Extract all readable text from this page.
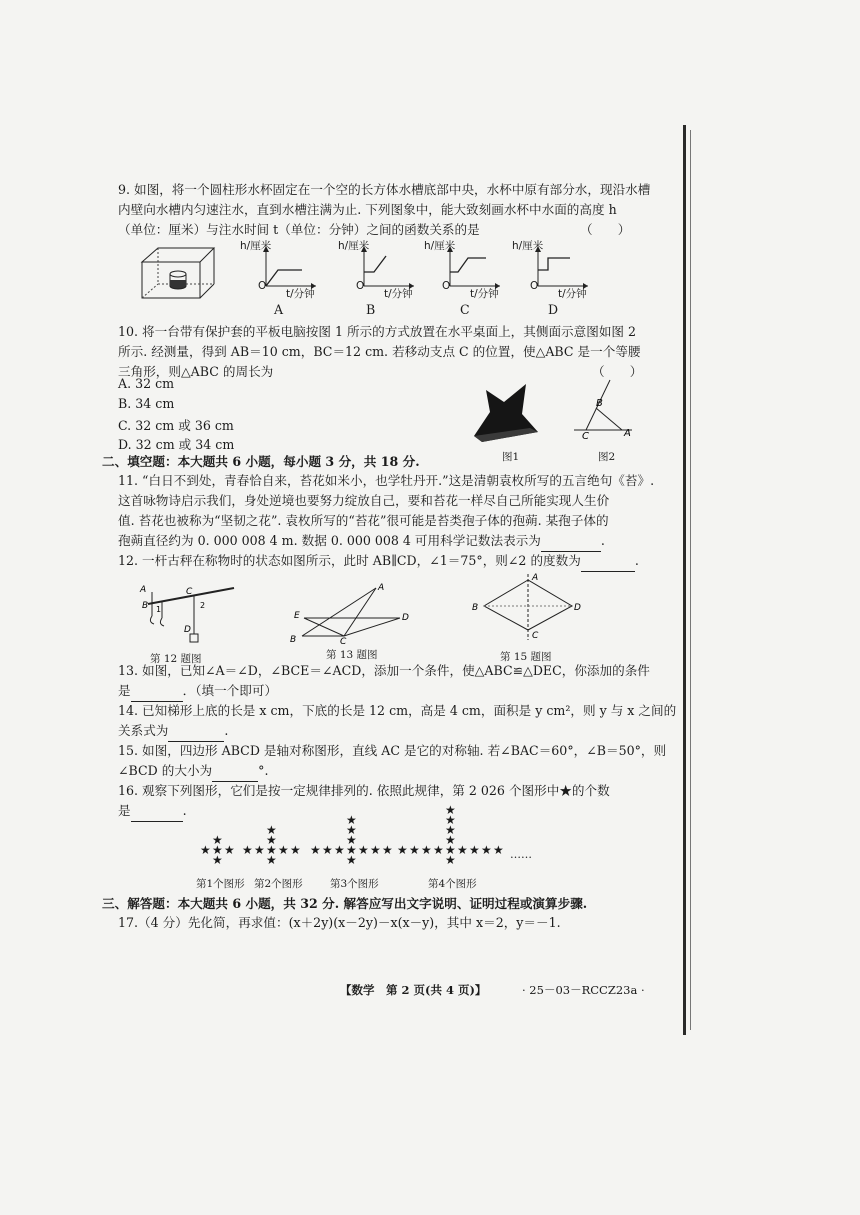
9. 如图，将一个圆柱形水杯固定在一个空的长方体水槽底部中央，水杯中原有部分水，现沿水槽

内壁向水槽内匀速注水，直到水槽注满为止. 下列图象中，能大致刻画水杯中水面的高度 h

（单位：厘米）与注水时间 t（单位：分钟）之间的函数关系的是	（　　）

h/厘米
O
t/分钟
A
h/厘米
O
t/分钟
B
h/厘米
O
t/分钟
C
h/厘米
O
t/分钟
D

10. 将一台带有保护套的平板电脑按图 1 所示的方式放置在水平桌面上，其侧面示意图如图 2

所示. 经测量，得到 AB＝10 cm，BC＝12 cm. 若移动支点 C 的位置，使△ABC 是一个等腰

三角形，则△ABC 的周长为	（　　）

A. 32 cm
B. 34 cm
C. 32 cm 或 36 cm
D. 32 cm 或 34 cm
图1
B
C	A
图2
二、填空题：本大题共 6 小题，每小题 3 分，共 18 分.

11. “白日不到处，青春恰自来，苔花如米小，也学牡丹开.”这是清朝袁枚所写的五言绝句《苔》.

这首咏物诗启示我们，身处逆境也要努力绽放自己，要和苔花一样尽自己所能实现人生价

值. 苔花也被称为“坚韧之花”. 袁枚所写的“苔花”很可能是苔类孢子体的孢蒴. 某孢子体的

孢蒴直径约为 0. 000 008 4 m. 数据 0. 000 008 4 可用科学记数法表示为	.

12. 一杆古秤在称物时的状态如图所示，此时 AB∥CD，∠1＝75°，则∠2 的度数为	.

A
B 1
C
2
D
第 12 题图
A
E	D
B	C
第 13 题图
A
B	D
C
第 15 题图

13. 如图，已知∠A＝∠D，∠BCE＝∠ACD，添加一个条件，使△ABC≌△DEC，你添加的条件

是	．（填一个即可）

14. 已知梯形上底的长是 x cm，下底的长是 12 cm，高是 4 cm，面积是 y cm²，则 y 与 x 之间的

关系式为	.

15. 如图，四边形 ABCD 是轴对称图形，直线 AC 是它的对称轴. 若∠BAC＝60°，∠B＝50°，则

∠BCD 的大小为	°.

16. 观察下列图形，它们是按一定规律排列的. 依照此规律，第 2 026 个图形中★的个数

是	.

★ ★
★
★
★
★ ★ ★ ★
★
★
★
★
★ ★ ★ ★ ★ ★
★
★
★
★
★
★ ★ ★ ★ ★ ★ ★ ★
★
★
★
★
★
★	……
第1个图形 第2个图形	第3个图形	第4个图形
三、解答题：本大题共 6 小题，共 32 分. 解答应写出文字说明、证明过程或演算步骤.
17.（4 分）先化简，再求值：(x＋2y)(x－2y)－x(x－y)，其中 x＝2，y＝－1.
【数学　第 2 页(共 4 页)】	· 25－03－RCCZ23a ·
